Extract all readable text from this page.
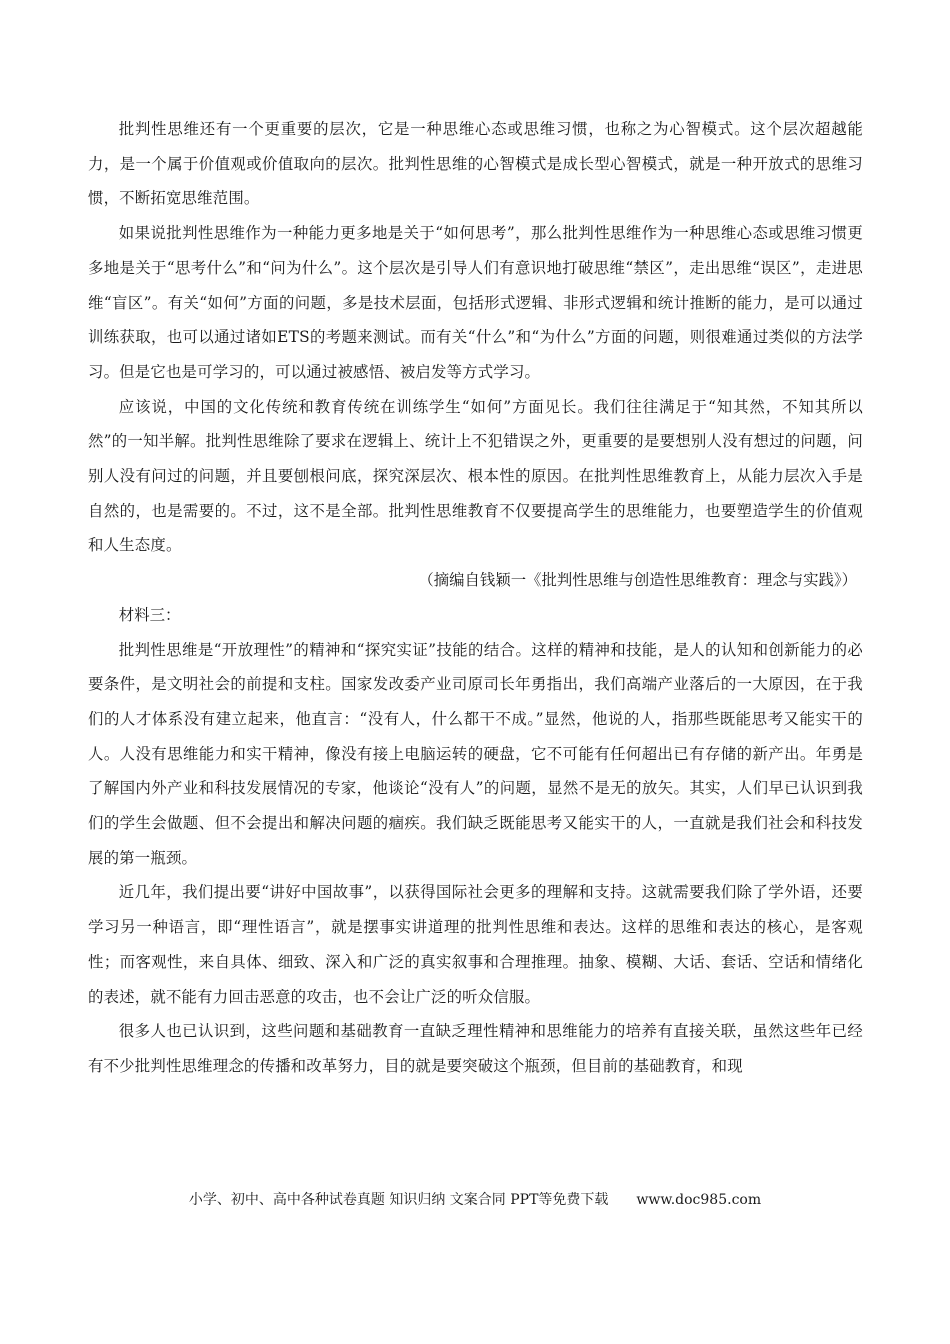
批判性思维还有一个更重要的层次，它是一种思维心态或思维习惯，也称之为心智模式。这个层次超越能力，是一个属于价值观或价值取向的层次。批判性思维的心智模式是成长型心智模式，就是一种开放式的思维习惯，不断拓宽思维范围。

如果说批判性思维作为一种能力更多地是关于“如何思考”，那么批判性思维作为一种思维心态或思维习惯更多地是关于“思考什么”和“问为什么”。这个层次是引导人们有意识地打破思维“禁区”，走出思维“误区”，走进思维“盲区”。有关“如何”方面的问题，多是技术层面，包括形式逻辑、非形式逻辑和统计推断的能力，是可以通过训练获取，也可以通过诸如ETS的考题来测试。而有关“什么”和“为什么”方面的问题，则很难通过类似的方法学习。但是它也是可学习的，可以通过被感悟、被启发等方式学习。

应该说，中国的文化传统和教育传统在训练学生“如何”方面见长。我们往往满足于“知其然，不知其所以然”的一知半解。批判性思维除了要求在逻辑上、统计上不犯错误之外，更重要的是要想别人没有想过的问题，问别人没有问过的问题，并且要刨根问底，探究深层次、根本性的原因。在批判性思维教育上，从能力层次入手是自然的，也是需要的。不过，这不是全部。批判性思维教育不仅要提高学生的思维能力，也要塑造学生的价值观和人生态度。

（摘编自钱颖一《批判性思维与创造性思维教育：理念与实践》）

材料三：

批判性思维是“开放理性”的精神和“探究实证”技能的结合。这样的精神和技能，是人的认知和创新能力的必要条件，是文明社会的前提和支柱。国家发改委产业司原司长年勇指出，我们高端产业落后的一大原因，在于我们的人才体系没有建立起来，他直言：“没有人，什么都干不成。”显然，他说的人，指那些既能思考又能实干的人。人没有思维能力和实干精神，像没有接上电脑运转的硬盘，它不可能有任何超出已有存储的新产出。年勇是了解国内外产业和科技发展情况的专家，他谈论“没有人”的问题，显然不是无的放矢。其实，人们早已认识到我们的学生会做题、但不会提出和解决问题的痼疾。我们缺乏既能思考又能实干的人，一直就是我们社会和科技发展的第一瓶颈。

近几年，我们提出要“讲好中国故事”，以获得国际社会更多的理解和支持。这就需要我们除了学外语，还要学习另一种语言，即“理性语言”，就是摆事实讲道理的批判性思维和表达。这样的思维和表达的核心，是客观性；而客观性，来自具体、细致、深入和广泛的真实叙事和合理推理。抽象、模糊、大话、套话、空话和情绪化的表述，就不能有力回击恶意的攻击，也不会让广泛的听众信服。

很多人也已认识到，这些问题和基础教育一直缺乏理性精神和思维能力的培养有直接关联，虽然这些年已经有不少批判性思维理念的传播和改革努力，目的就是要突破这个瓶颈，但目前的基础教育，和现

小学、初中、高中各种试卷真题 知识归纳 文案合同 PPT等免费下载 www.doc985.com
